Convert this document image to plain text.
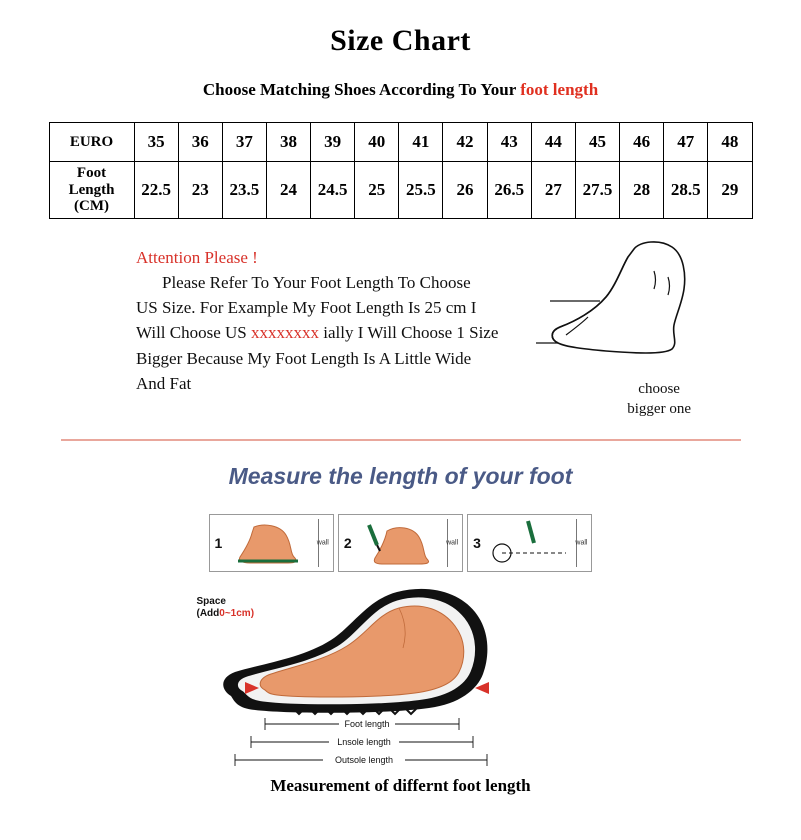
Size Chart
Choose Matching Shoes According To Your foot length
EURO	35	36	37	38	39	40	41	42	43	44	45	46	47	48
Foot
Length
(CM)	22.5	23	23.5	24	24.5	25	25.5	26	26.5	27	27.5	28	28.5	29

Attention Please !

Please Refer To Your Foot Length To Choose

US Size. For Example My Foot Length Is 25 cm I

Will Choose US xxxxxxxx ially I Will Choose 1 Size

Bigger Because My Foot Length Is A Little Wide

And Fat	choose
bigger one
Measure the length of your foot
1	wall 2	wall 3	wall
Foot length
Lnsole length
Outsole length
Space
(Add0~1cm)
Measurement of differnt foot length
